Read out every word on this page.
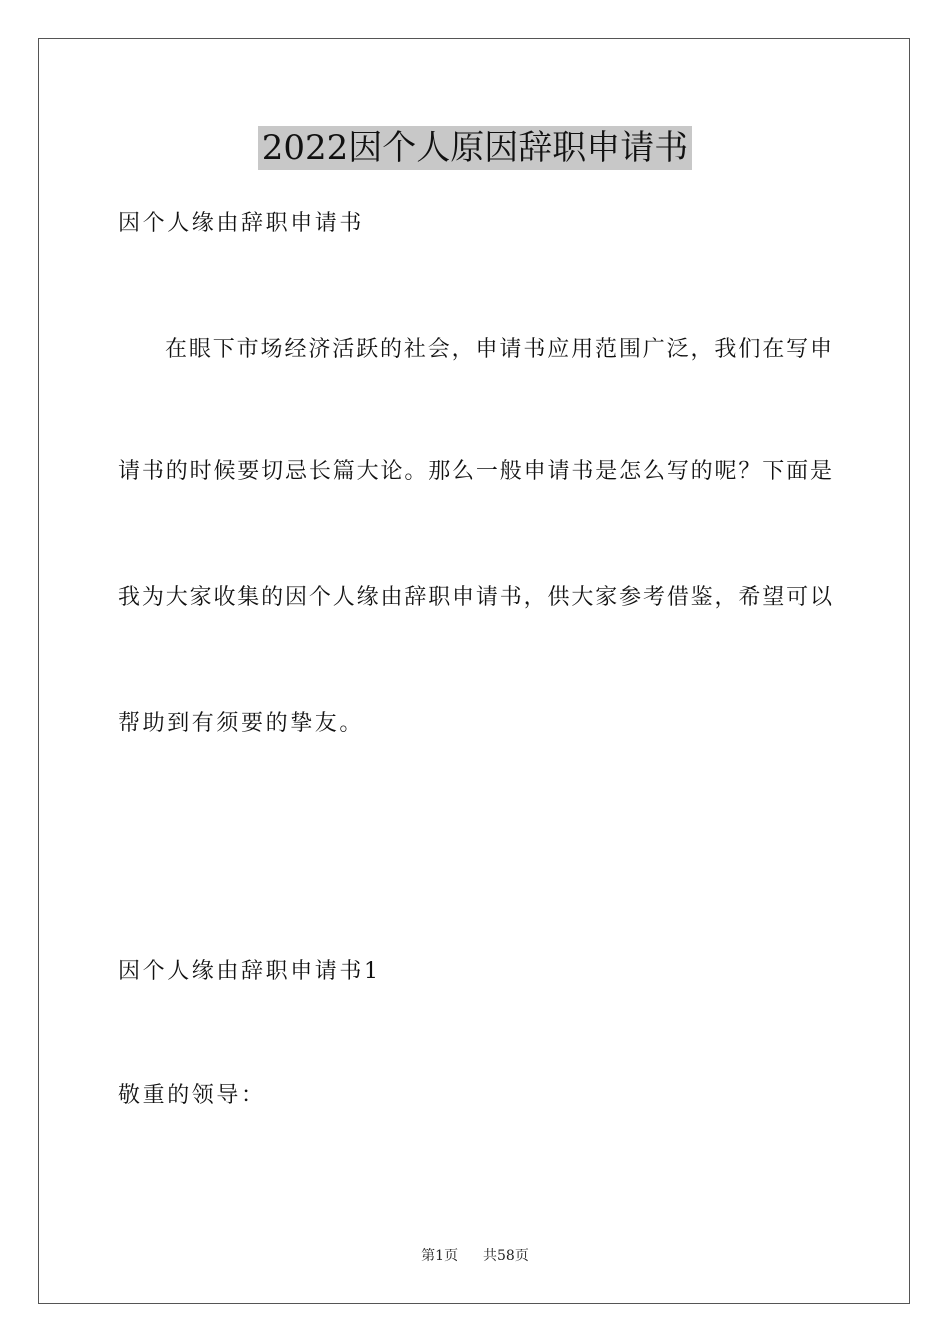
2022因个人原因辞职申请书
因个人缘由辞职申请书
在眼下市场经济活跃的社会，申请书应用范围广泛，我们在写申
请书的时候要切忌长篇大论。那么一般申请书是怎么写的呢？下面是
我为大家收集的因个人缘由辞职申请书，供大家参考借鉴，希望可以
帮助到有须要的挚友。
因个人缘由辞职申请书1
敬重的领导：
第1页 共58页
